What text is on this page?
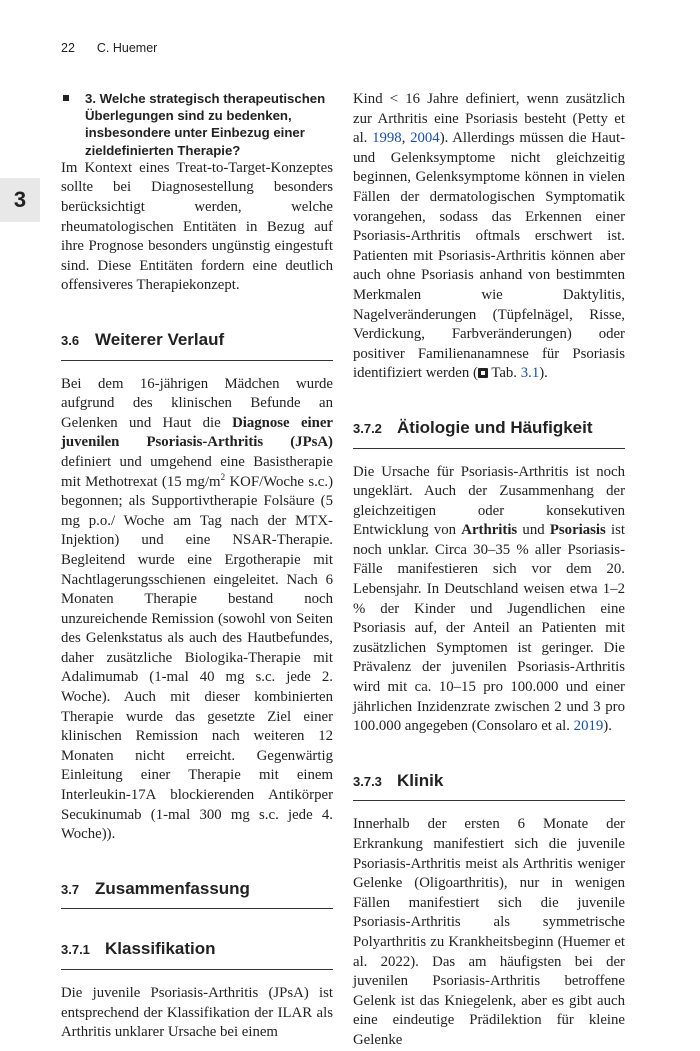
22 C. Huemer
3
3. Welche strategisch therapeutischen Überlegungen sind zu bedenken, insbesondere unter Einbezug einer zieldefinierten Therapie?

Im Kontext eines Treat-to-Target-Konzeptes sollte bei Diagnosestellung besonders berücksichtigt werden, welche rheumatologischen Entitäten in Bezug auf ihre Prognose besonders ungünstig eingestuft sind. Diese Entitäten fordern eine deutlich offensiveres Therapiekonzept.

3.6 Weiterer Verlauf

Bei dem 16-jährigen Mädchen wurde aufgrund des klinischen Befunde an Gelenken und Haut die Diagnose einer juvenilen Psoriasis-Arthritis (JPsA) definiert und umgehend eine Basistherapie mit Methotrexat (15 $mg/m^2$ KOF/Woche s.c.) begonnen; als Supportivtherapie Folsäure (5 mg p.o./ Woche am Tag nach der MTX-Injektion) und eine NSAR-Therapie. Begleitend wurde eine Ergotherapie mit Nachtlagerungsschienen eingeleitet. Nach 6 Monaten Therapie bestand noch unzureichende Remission (sowohl von Seiten des Gelenkstatus als auch des Hautbefundes, daher zusätzliche Biologika-Therapie mit Adalimumab (1-mal 40 mg s.c. jede 2. Woche). Auch mit dieser kombinierten Therapie wurde das gesetzte Ziel einer klinischen Remission nach weiteren 12 Monaten nicht erreicht. Gegenwärtig Einleitung einer Therapie mit einem Interleukin-17A blockierenden Antikörper Secukinumab (1-mal 300 mg s.c. jede 4. Woche)).

3.7 Zusammenfassung
3.7.1 Klassifikation

Die juvenile Psoriasis-Arthritis (JPsA) ist entsprechend der Klassifikation der ILAR als Arthritis unklarer Ursache bei einem

Kind < 16 Jahre definiert, wenn zusätzlich zur Arthritis eine Psoriasis besteht (Petty et al. 1998, 2004). Allerdings müssen die Haut- und Gelenksymptome nicht gleichzeitig beginnen, Gelenksymptome können in vielen Fällen der dermatologischen Symptomatik vorangehen, sodass das Erkennen einer Psoriasis-Arthritis oftmals erschwert ist. Patienten mit Psoriasis-Arthritis können aber auch ohne Psoriasis anhand von bestimmten Merkmalen wie Daktylitis, Nagelveränderungen (Tüpfelnägel, Risse, Verdickung, Farbveränderungen) oder positiver Familienanamnese für Psoriasis identifiziert werden ( Tab. 3.1).

3.7.2 Ätiologie und Häufigkeit

Die Ursache für Psoriasis-Arthritis ist noch ungeklärt. Auch der Zusammenhang der gleichzeitigen oder konsekutiven Entwicklung von Arthritis und Psoriasis ist noch unklar. Circa 30–35 % aller Psoriasis-Fälle manifestieren sich vor dem 20. Lebensjahr. In Deutschland weisen etwa 1–2 % der Kinder und Jugendlichen eine Psoriasis auf, der Anteil an Patienten mit zusätzlichen Symptomen ist geringer. Die Prävalenz der juvenilen Psoriasis-Arthritis wird mit ca. 10–15 pro 100.000 und einer jährlichen Inzidenzrate zwischen 2 und 3 pro 100.000 angegeben (Consolaro et al. 2019).

3.7.3 Klinik

Innerhalb der ersten 6 Monate der Erkrankung manifestiert sich die juvenile Psoriasis-Arthritis meist als Arthritis weniger Gelenke (Oligoarthritis), nur in wenigen Fällen manifestiert sich die juvenile Psoriasis-Arthritis als symmetrische Polyarthritis zu Krankheitsbeginn (Huemer et al. 2022). Das am häufigsten bei der juvenilen Psoriasis-Arthritis betroffene Gelenk ist das Kniegelenk, aber es gibt auch eine eindeutige Prädilektion für kleine Gelenke
